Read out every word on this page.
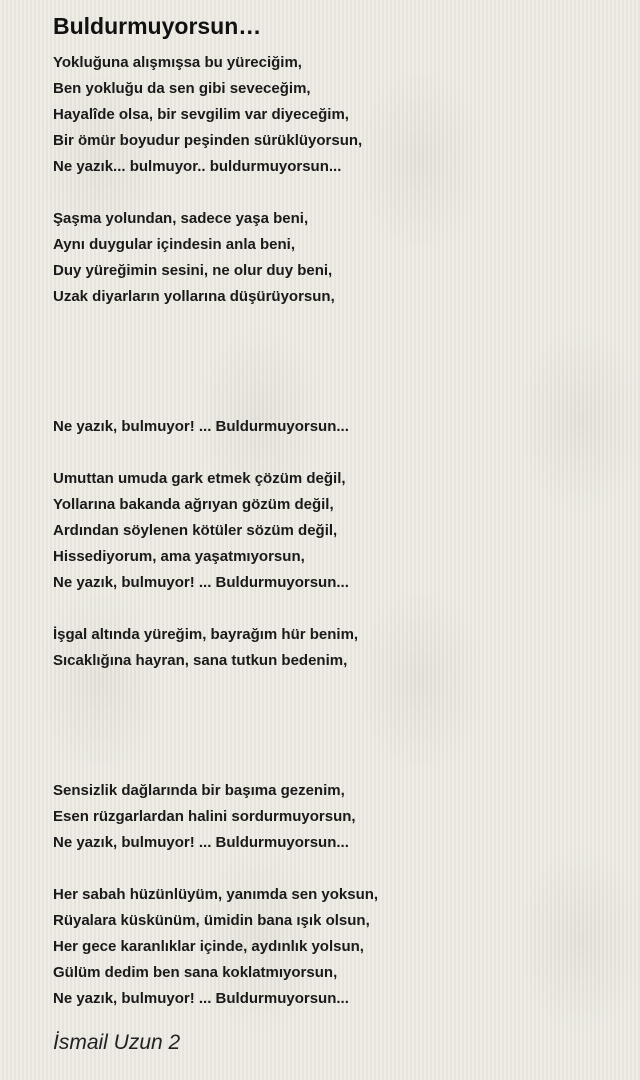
Buldurmuyorsun…
Yokluğuna alışmışsa bu yüreciğim,
Ben yokluğu da sen gibi seveceğim,
Hayalîde olsa, bir sevgilim var diyeceğim,
Bir ömür boyudur peşinden sürüklüyorsun,
Ne yazık... bulmuyor.. buldurmuyorsun...
Şaşma yolundan, sadece yaşa beni,
Aynı duygular içindesin anla beni,
Duy yüreğimin sesini, ne olur duy beni,
Uzak diyarların yollarına düşürüyorsun,
Ne yazık, bulmuyor! ... Buldurmuyorsun...
Umuttan umuda gark etmek çözüm değil,
Yollarına bakanda ağrıyan gözüm değil,
Ardından söylenen kötüler sözüm değil,
Hissediyorum, ama yaşatmıyorsun,
Ne yazık, bulmuyor! ... Buldurmuyorsun...
İşgal altında yüreğim, bayrağım hür benim,
Sıcaklığına hayran, sana tutkun bedenim,
Sensizlik dağlarında bir başıma gezenim,
Esen rüzgarlardan halini sordurmuyorsun,
Ne yazık, bulmuyor! ... Buldurmuyorsun...
Her sabah hüzünlüyüm, yanımda sen yoksun,
Rüyalara küskünüm, ümidin bana ışık olsun,
Her gece karanlıklar içinde, aydınlık yolsun,
Gülüm dedim ben sana koklatmıyorsun,
Ne yazık, bulmuyor! ... Buldurmuyorsun...
İsmail Uzun 2
